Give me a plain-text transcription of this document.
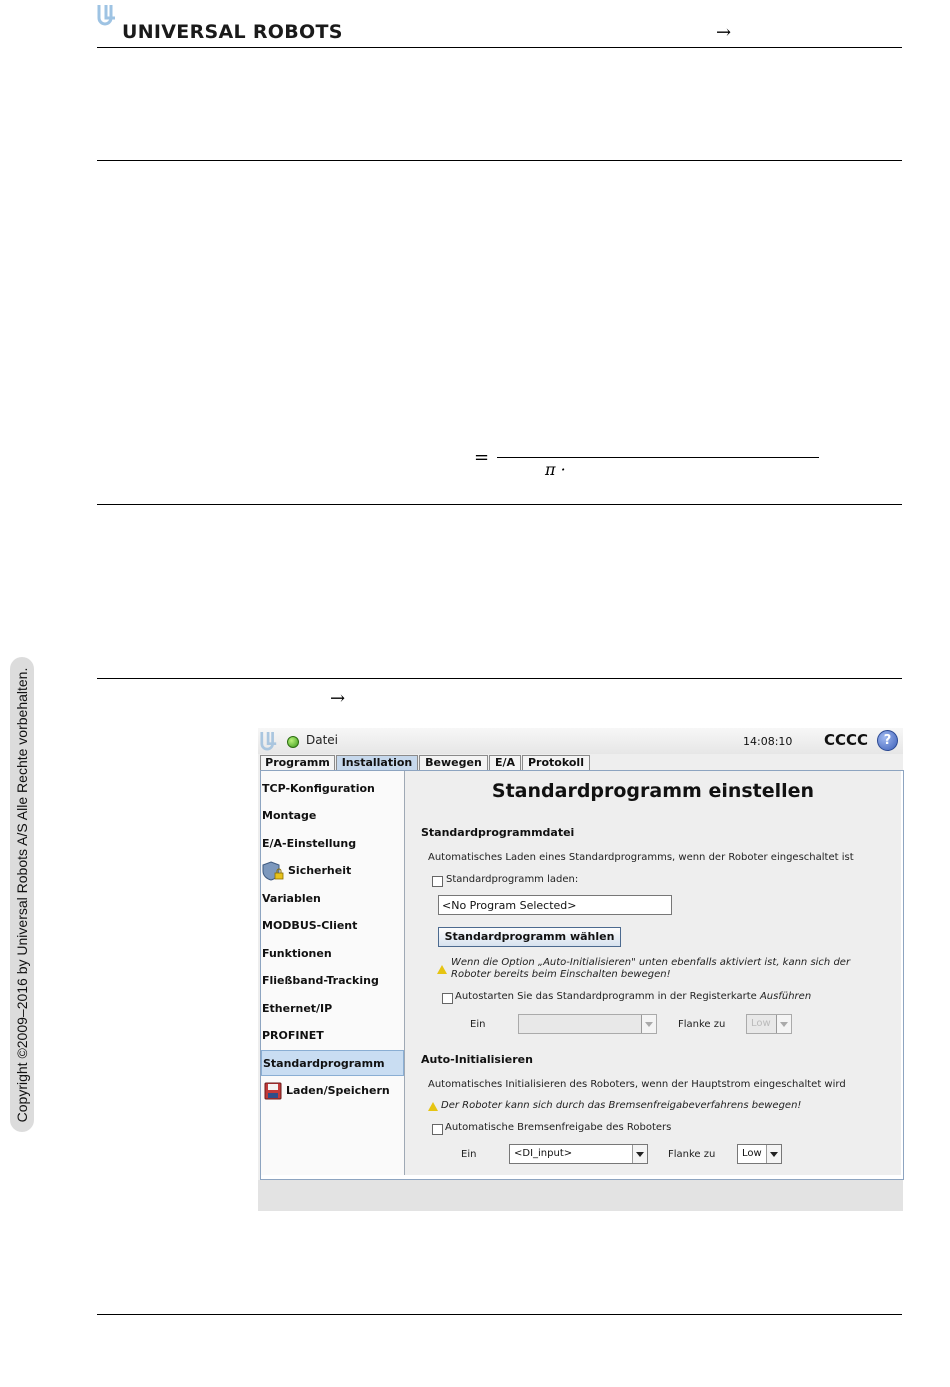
UNIVERSAL ROBOTS	→
=
π ·
→
Copyright ©2009–2016 by Universal Robots A/S Alle Rechte vorbehalten.	Datei	14:08:10 CCCC	?
Programm	Installation	Bewegen	E/A	Protokoll
TCP-Konfiguration
Montage
E/A-Einstellung
Sicherheit
Variablen
MODBUS-Client
Funktionen
Fließband-Tracking
Ethernet/IP
PROFINET
Standardprogramm
Laden/Speichern
Standardprogramm einstellen
Standardprogrammdatei
Automatisches Laden eines Standardprogramms, wenn der Roboter eingeschaltet ist
Standardprogramm laden:
<No Program Selected>
Standardprogramm wählen
Wenn die Option „Auto-Initialisieren" unten ebenfalls aktiviert ist, kann sich der
Roboter bereits beim Einschalten bewegen!
Autostarten Sie das Standardprogramm in der Registerkarte Ausführen
Ein	Flanke zu	Low
Auto-Initialisieren
Automatisches Initialisieren des Roboters, wenn der Hauptstrom eingeschaltet wird
Der Roboter kann sich durch das Bremsenfreigabeverfahrens bewegen!
Automatische Bremsenfreigabe des Roboters
Ein	<DI_input>	Flanke zu	Low
